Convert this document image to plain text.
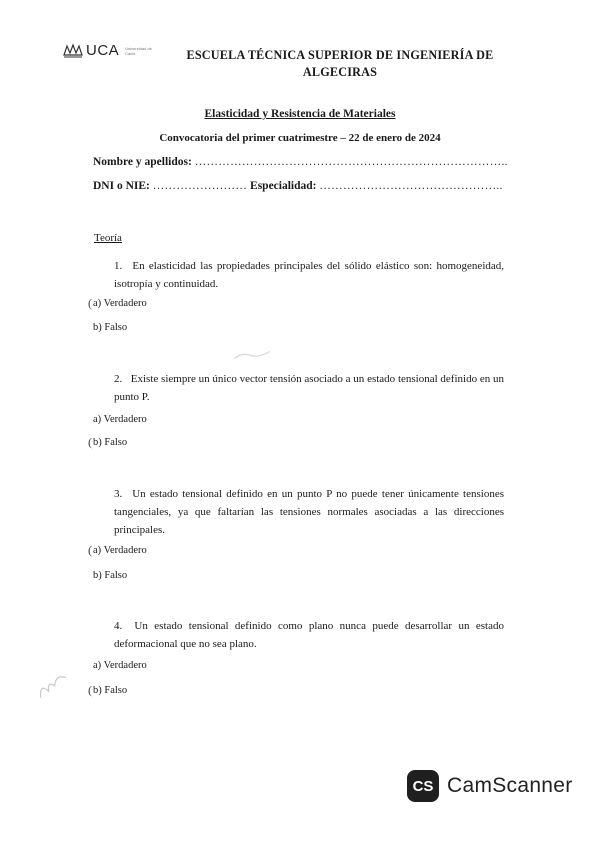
UCA Universidad de Cádiz	ESCUELA TÉCNICA SUPERIOR DE INGENIERÍA DE
ALGECIRAS
Elasticidad y Resistencia de Materiales
Convocatoria del primer cuatrimestre – 22 de enero de 2024
Nombre y apellidos: ……………………………………………………………………..
DNI o NIE: …………………… Especialidad: ………………………………………..
Teoría
1. En elasticidad las propiedades principales del sólido elástico son: homogeneidad, isotropía y continuidad.
a) Verdadero
b) Falso
2. Existe siempre un único vector tensión asociado a un estado tensional definido en un punto P.
a) Verdadero
b) Falso
3. Un estado tensional definido en un punto P no puede tener únicamente tensiones tangenciales, ya que faltarían las tensiones normales asociadas a las direcciones principales.
a) Verdadero
b) Falso
4. Un estado tensional definido como plano nunca puede desarrollar un estado deformacional que no sea plano.
a) Verdadero
b) Falso
(
(
(
(
CS CamScanner
